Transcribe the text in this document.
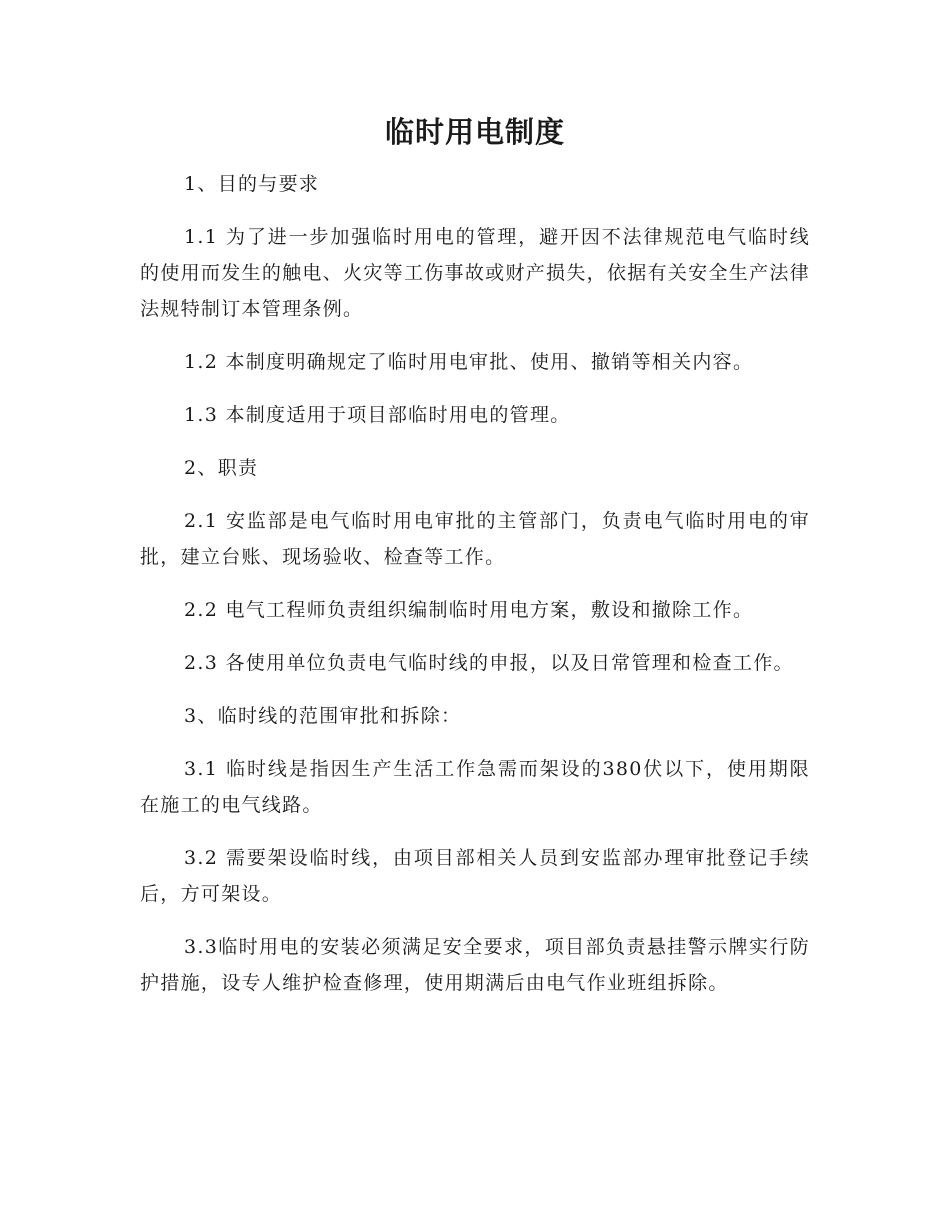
临时用电制度

1、目的与要求

1.1 为了进一步加强临时用电的管理，避开因不法律规范电气临时线的使用而发生的触电、火灾等工伤事故或财产损失，依据有关安全生产法律法规特制订本管理条例。

1.2 本制度明确规定了临时用电审批、使用、撤销等相关内容。

1.3 本制度适用于项目部临时用电的管理。

2、职责

2.1 安监部是电气临时用电审批的主管部门，负责电气临时用电的审批，建立台账、现场验收、检查等工作。

2.2 电气工程师负责组织编制临时用电方案，敷设和撤除工作。

2.3 各使用单位负责电气临时线的申报，以及日常管理和检查工作。

3、临时线的范围审批和拆除：

3.1 临时线是指因生产生活工作急需而架设的380伏以下，使用期限在施工的电气线路。

3.2 需要架设临时线，由项目部相关人员到安监部办理审批登记手续后，方可架设。

3.3临时用电的安装必须满足安全要求，项目部负责悬挂警示牌实行防护措施，设专人维护检查修理，使用期满后由电气作业班组拆除。
